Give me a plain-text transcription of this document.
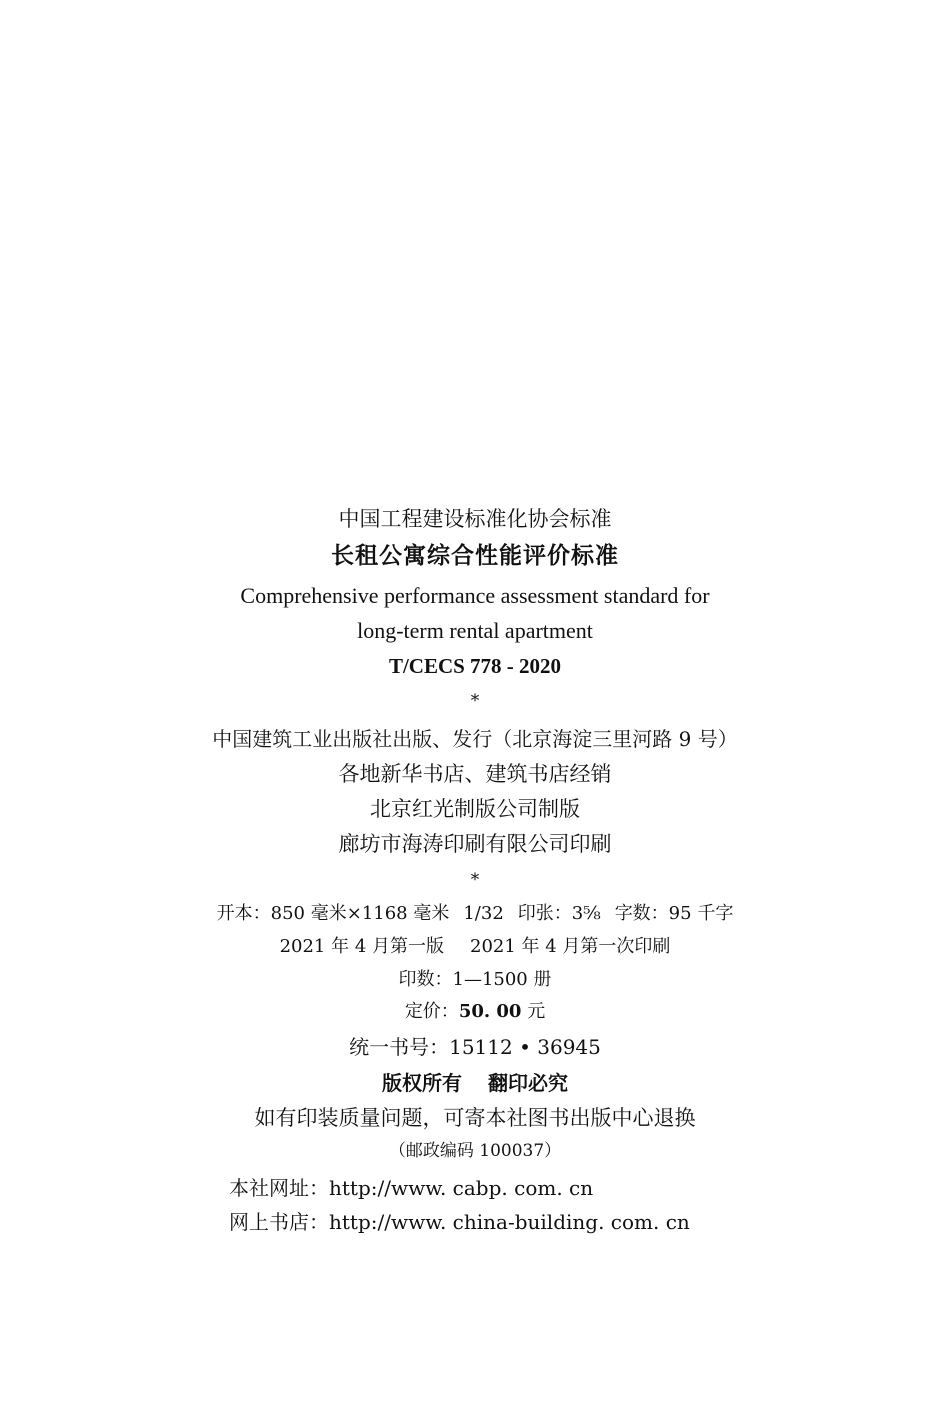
中国工程建设标准化协会标准
长租公寓综合性能评价标准
Comprehensive performance assessment standard for
long-term rental apartment
T/CECS 778 - 2020
*
中国建筑工业出版社出版、发行（北京海淀三里河路 9 号）
各地新华书店、建筑书店经销
北京红光制版公司制版
廊坊市海涛印刷有限公司印刷
*
开本：850 毫米×1168 毫米 1/32 印张：3⅝ 字数：95 千字
2021 年 4 月第一版 2021 年 4 月第一次印刷
印数：1—1500 册
定价：50. 00 元
统一书号：15112 • 36945
版权所有 翻印必究
如有印装质量问题，可寄本社图书出版中心退换
（邮政编码 100037）
本社网址：http://www. cabp. com. cn
网上书店：http://www. china-building. com. cn
